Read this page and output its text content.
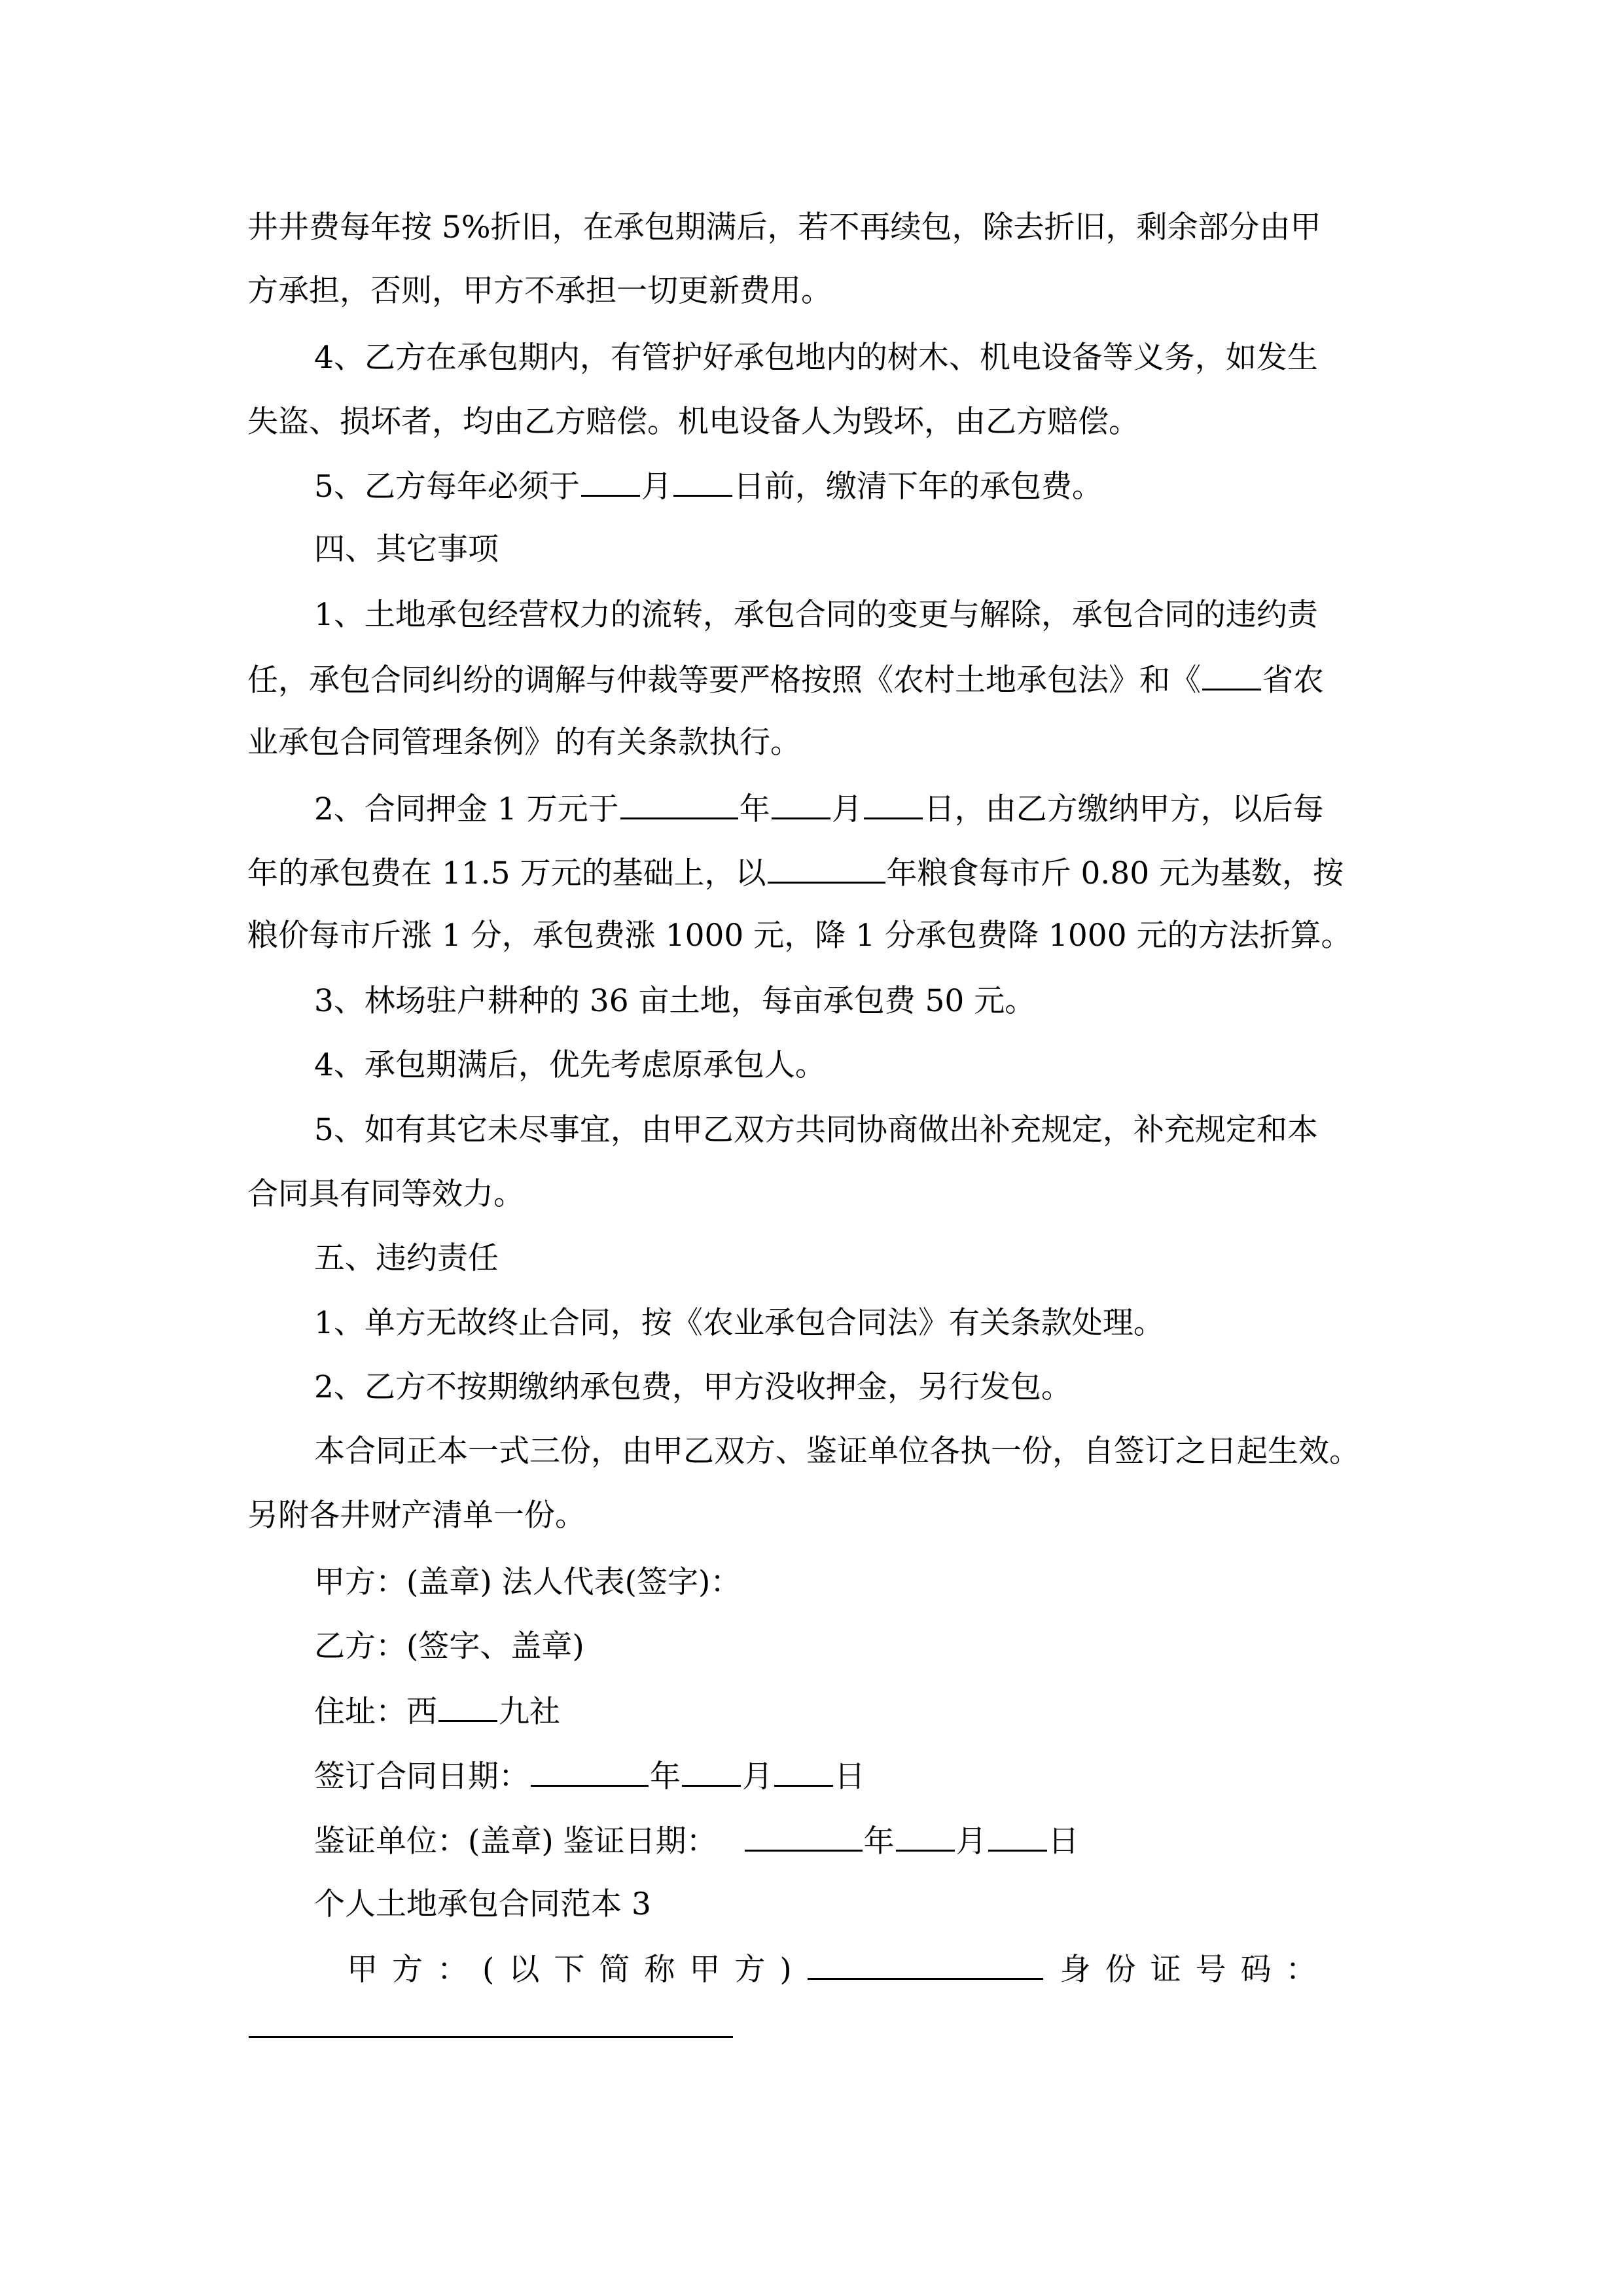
井井费每年按 5%折旧，在承包期满后，若不再续包，除去折旧，剩余部分由甲
方承担，否则，甲方不承担一切更新费用。
4、乙方在承包期内，有管护好承包地内的树木、机电设备等义务，如发生
失盗、损坏者，均由乙方赔偿。机电设备人为毁坏，由乙方赔偿。
5、乙方每年必须于 月 日前，缴清下年的承包费。
四、其它事项
1、土地承包经营权力的流转，承包合同的变更与解除，承包合同的违约责
任，承包合同纠纷的调解与仲裁等要严格按照《农村土地承包法》和《 省农
业承包合同管理条例》的有关条款执行。
2、合同押金 1 万元于	年 月 日，由乙方缴纳甲方，以后每
年的承包费在 11.5 万元的基础上，以	年粮食每市斤 0.80 元为基数，按
粮价每市斤涨 1 分，承包费涨 1000 元，降 1 分承包费降 1000 元的方法折算。
3、林场驻户耕种的 36 亩土地，每亩承包费 50 元。
4、承包期满后，优先考虑原承包人。
5、如有其它未尽事宜，由甲乙双方共同协商做出补充规定，补充规定和本
合同具有同等效力。
五、违约责任
1、单方无故终止合同，按《农业承包合同法》有关条款处理。
2、乙方不按期缴纳承包费，甲方没收押金，另行发包。
本合同正本一式三份，由甲乙双方、鉴证单位各执一份，自签订之日起生效。
另附各井财产清单一份。
甲方：(盖章) 法人代表(签字)：
乙方：(签字、盖章)
住址：西 九社
签订合同日期：	年 月 日
鉴证单位：(盖章) 鉴证日期：	年 月 日
个人土地承包合同范本 3
甲方：(以下简称甲方)	身份证号码：
